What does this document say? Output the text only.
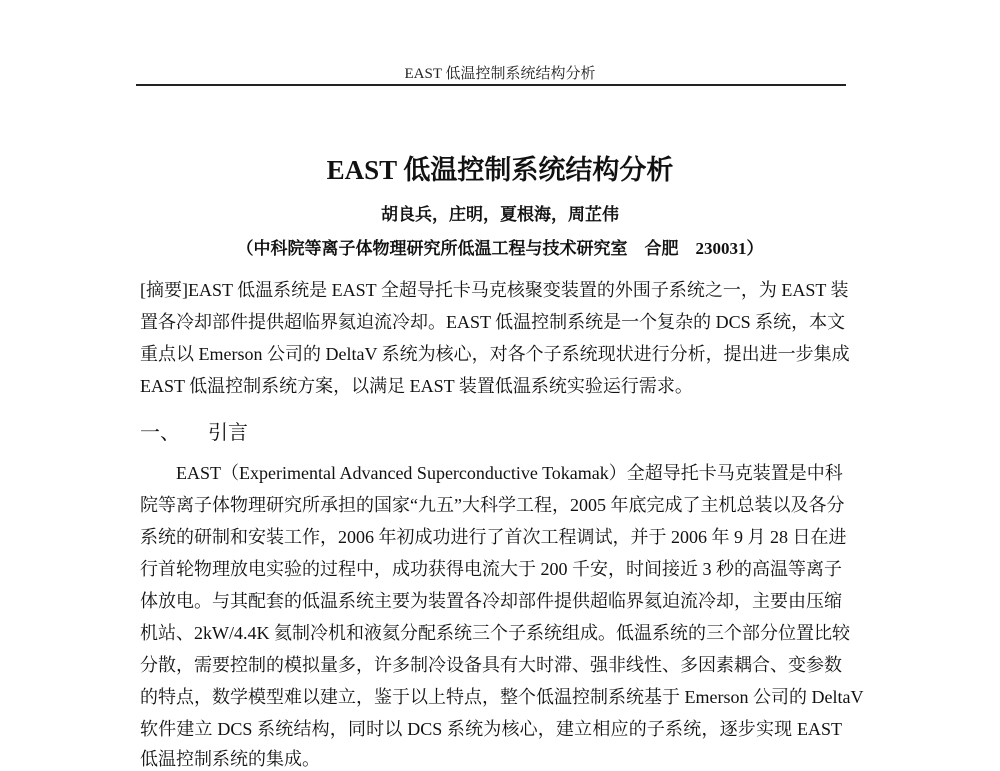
EAST 低温控制系统结构分析
EAST 低温控制系统结构分析
胡良兵，庄明，夏根海，周芷伟
（中科院等离子体物理研究所低温工程与技术研究室　合肥　230031）
[摘要]EAST 低温系统是 EAST 全超导托卡马克核聚变装置的外围子系统之一，为 EAST 装
置各冷却部件提供超临界氦迫流冷却。EAST 低温控制系统是一个复杂的 DCS 系统，本文
重点以 Emerson 公司的 DeltaV 系统为核心，对各个子系统现状进行分析，提出进一步集成
EAST 低温控制系统方案，以满足 EAST 装置低温系统实验运行需求。
一、 引言
EAST（Experimental Advanced Superconductive Tokamak）全超导托卡马克装置是中科
院等离子体物理研究所承担的国家“九五”大科学工程，2005 年底完成了主机总装以及各分
系统的研制和安装工作，2006 年初成功进行了首次工程调试，并于 2006 年 9 月 28 日在进
行首轮物理放电实验的过程中，成功获得电流大于 200 千安，时间接近 3 秒的高温等离子
体放电。与其配套的低温系统主要为装置各冷却部件提供超临界氦迫流冷却，主要由压缩
机站、2kW/4.4K 氦制冷机和液氦分配系统三个子系统组成。低温系统的三个部分位置比较
分散，需要控制的模拟量多，许多制冷设备具有大时滞、强非线性、多因素耦合、变参数
的特点，数学模型难以建立，鉴于以上特点，整个低温控制系统基于 Emerson 公司的 DeltaV
软件建立 DCS 系统结构，同时以 DCS 系统为核心，建立相应的子系统，逐步实现 EAST
低温控制系统的集成。
